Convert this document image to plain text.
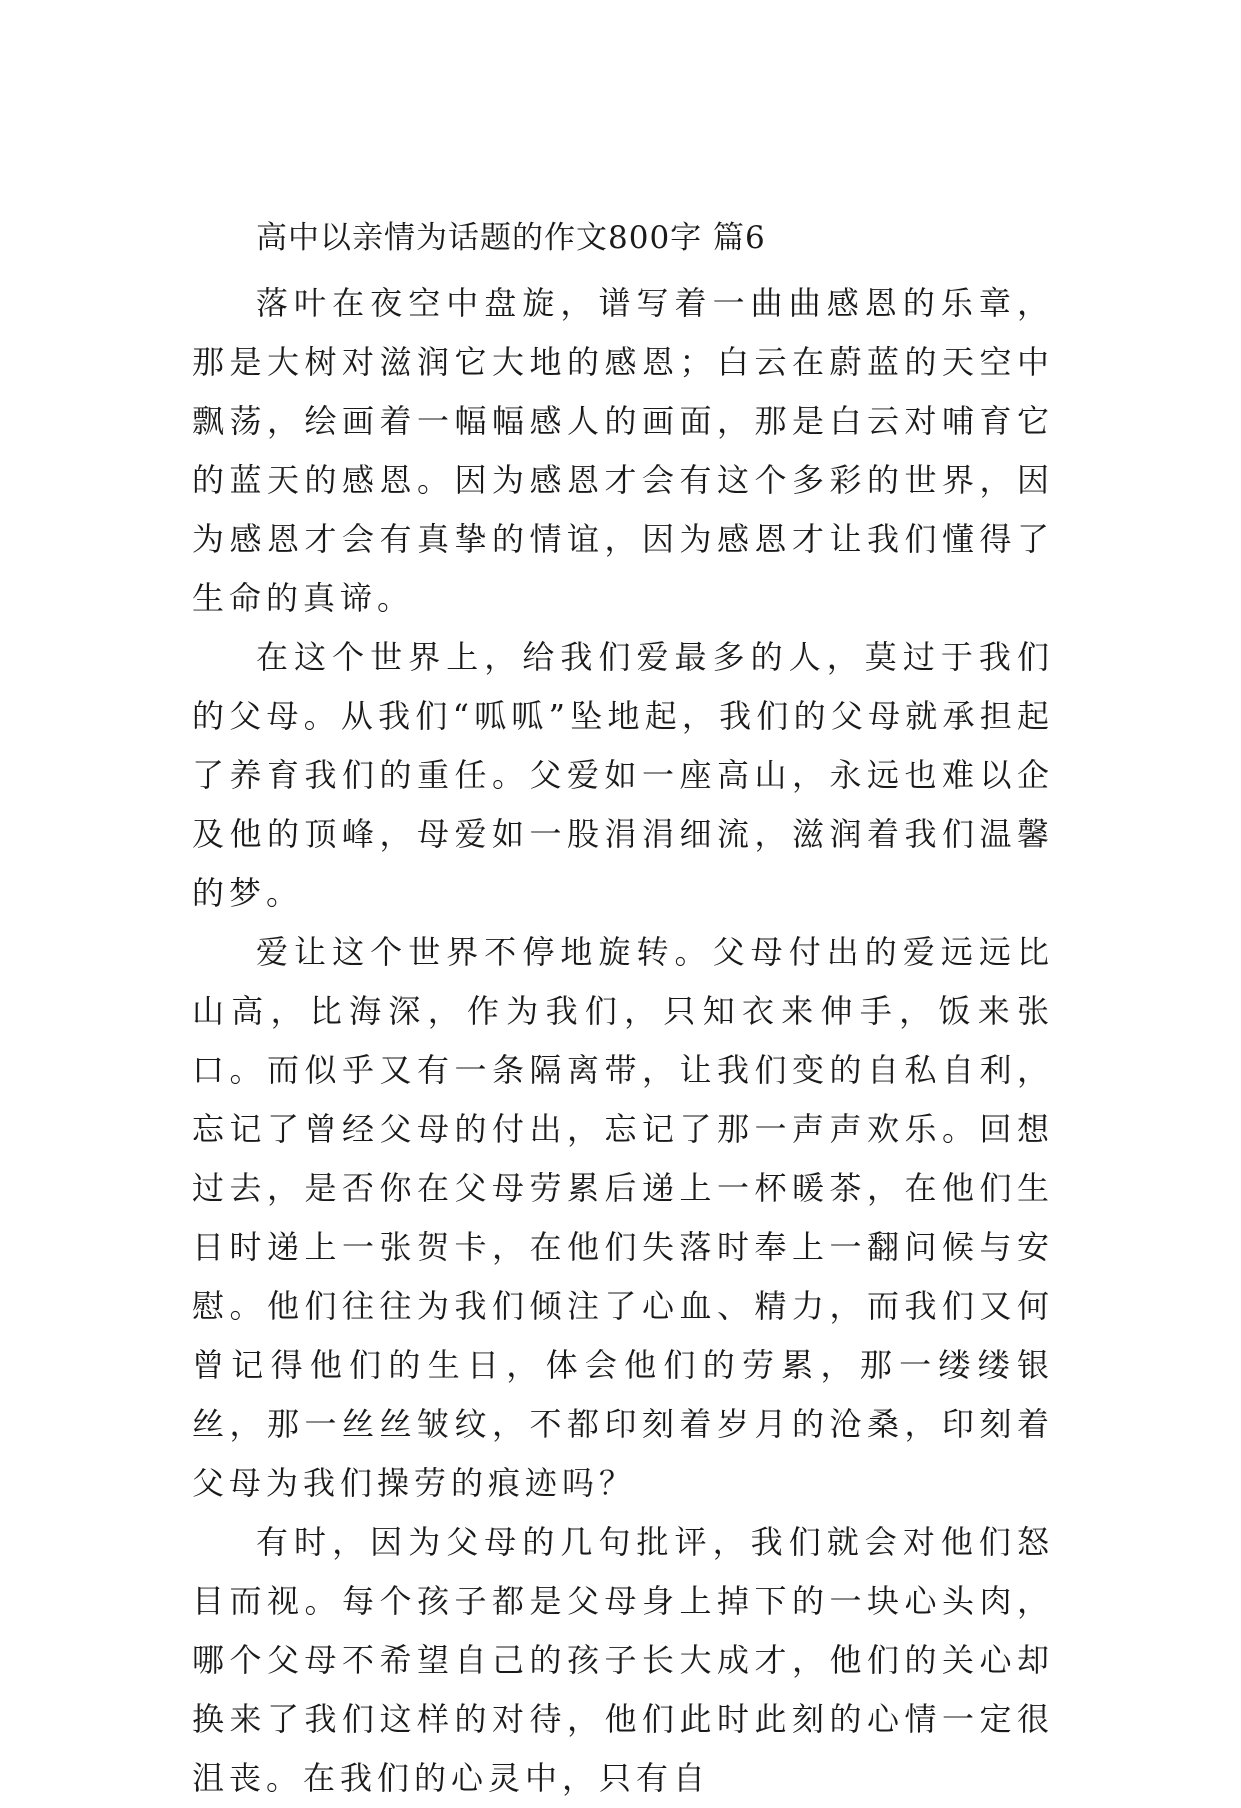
高中以亲情为话题的作文800字 篇6

落叶在夜空中盘旋，谱写着一曲曲感恩的乐章，那是大树对滋润它大地的感恩；白云在蔚蓝的天空中飘荡，绘画着一幅幅感人的画面，那是白云对哺育它的蓝天的感恩。因为感恩才会有这个多彩的世界，因为感恩才会有真挚的情谊，因为感恩才让我们懂得了生命的真谛。

在这个世界上，给我们爱最多的人，莫过于我们的父母。从我们“呱呱”坠地起，我们的父母就承担起了养育我们的重任。父爱如一座高山，永远也难以企及他的顶峰，母爱如一股涓涓细流，滋润着我们温馨的梦。

爱让这个世界不停地旋转。父母付出的爱远远比山高，比海深，作为我们，只知衣来伸手，饭来张口。而似乎又有一条隔离带，让我们变的自私自利，忘记了曾经父母的付出，忘记了那一声声欢乐。回想过去，是否你在父母劳累后递上一杯暖茶，在他们生日时递上一张贺卡，在他们失落时奉上一翻问候与安慰。他们往往为我们倾注了心血、精力，而我们又何曾记得他们的生日，体会他们的劳累，那一缕缕银丝，那一丝丝皱纹，不都印刻着岁月的沧桑，印刻着父母为我们操劳的痕迹吗？

有时，因为父母的几句批评，我们就会对他们怒目而视。每个孩子都是父母身上掉下的一块心头肉，哪个父母不希望自己的孩子长大成才，他们的关心却换来了我们这样的对待，他们此时此刻的心情一定很沮丧。在我们的心灵中，只有自
